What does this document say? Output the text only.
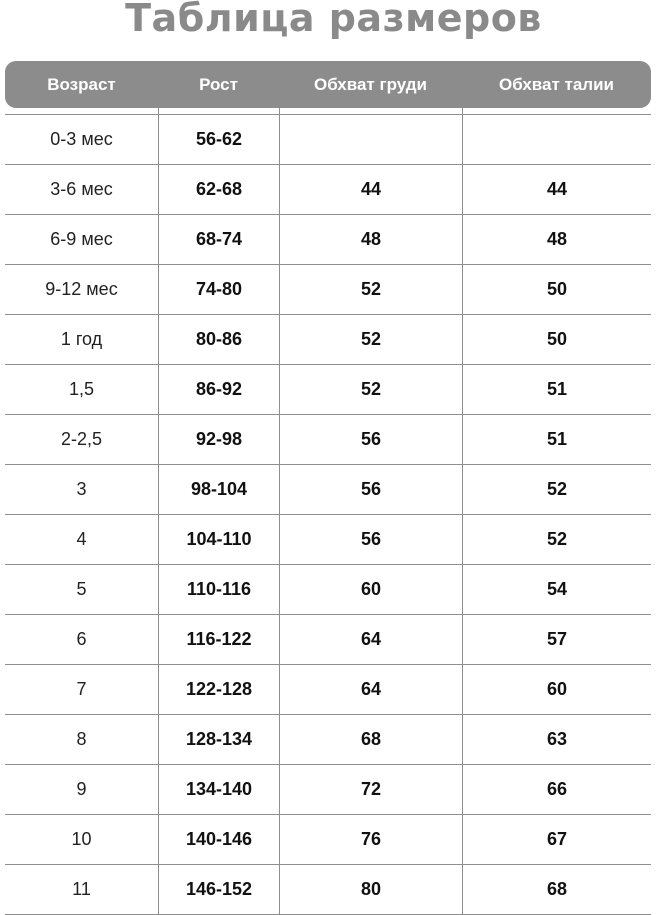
Таблица размеров
Возраст	Рост	Обхват груди	Обхват талии

0-3 мес	56-62		
3-6 мес	62-68	44	44
6-9 мес	68-74	48	48
9-12 мес	74-80	52	50
1 год	80-86	52	50
1,5	86-92	52	51
2-2,5	92-98	56	51
3	98-104	56	52
4	104-110	56	52
5	110-116	60	54
6	116-122	64	57
7	122-128	64	60
8	128-134	68	63
9	134-140	72	66
10	140-146	76	67
11	146-152	80	68
